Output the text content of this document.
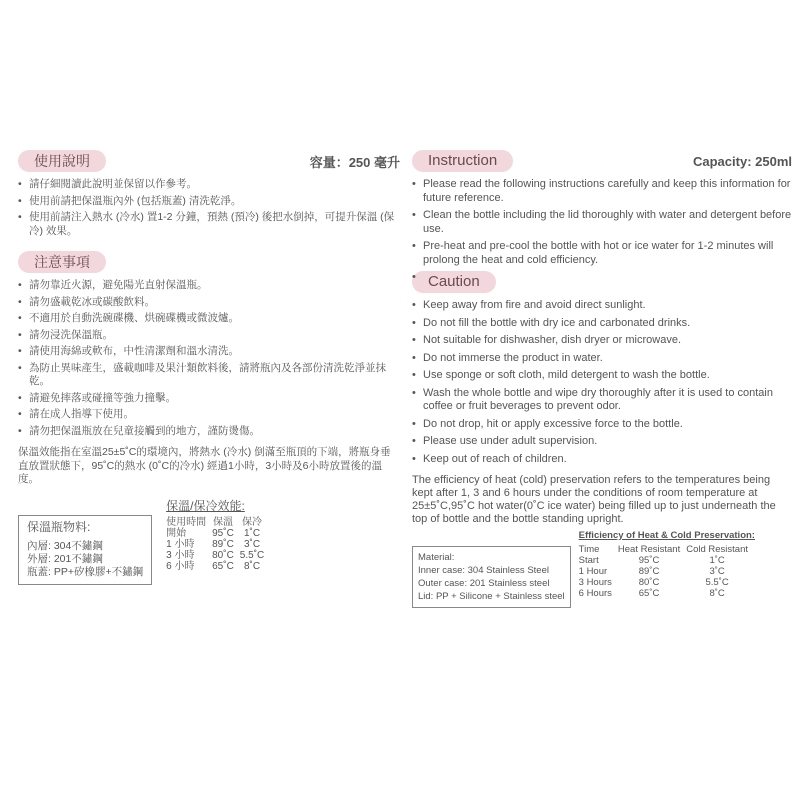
使用說明	容量：250 毫升
• 請仔細閱讀此說明並保留以作參考。
• 使用前請把保溫瓶內外 (包括瓶蓋) 清洗乾淨。
• 使用前請注入熱水 (冷水) 置1-2 分鐘，預熱 (預冷) 後把水倒掉，可提升保溫 (保冷) 效果。
注意事項
• 請勿靠近火源，避免陽光直射保溫瓶。
• 請勿盛載乾冰或碳酸飲料。
• 不適用於自動洗碗碟機、烘碗碟機或微波爐。
• 請勿浸洗保溫瓶。
• 請使用海綿或軟布，中性清潔劑和溫水清洗。
• 為防止異味產生，盛載咖啡及果汁類飲料後，請將瓶內及各部份清洗乾淨並抹乾。
• 請避免摔落或碰撞等強力撞擊。
• 請在成人指導下使用。
• 請勿把保溫瓶放在兒童接觸到的地方，謹防燙傷。
保溫效能指在室溫25±5˚C的環境內，將熱水 (冷水) 倒滿至瓶頂的下端，將瓶身垂直放置狀態下，95˚C的熱水 (0˚C的冷水) 經過1小時，3小時及6小時放置後的溫度。
保溫瓶物料:
內層: 304不鏽鋼
外層: 201不鏽鋼
瓶蓋: PP+矽橡膠+不鏽鋼
保溫/保冷效能:
使用時間	保溫	保冷
開始	95˚C	1˚C
1 小時	89˚C	3˚C
3 小時	80˚C	5.5˚C
6 小時	65˚C	8˚C
Instruction	Capacity: 250ml
• Please read the following instructions carefully and keep this information for future reference.
• Clean the bottle including the lid thoroughly with water and detergent before use.
• Pre-heat and pre-cool the bottle with hot or ice water for 1-2 minutes will prolong the heat and cold efficiency.
Caution
• Keep away from fire and avoid direct sunlight.
• Do not fill the bottle with dry ice and carbonated drinks.
• Not suitable for dishwasher, dish dryer or microwave.
• Do not immerse the product in water.
• Use sponge or soft cloth, mild detergent to wash the bottle.
• Wash the whole bottle and wipe dry thoroughly after it is used to contain coffee or fruit beverages to prevent odor.
• Do not drop, hit or apply excessive force to the bottle.
• Please use under adult supervision.
• Keep out of reach of children.
The efficiency of heat (cold) preservation refers to the temperatures being kept after 1, 3 and 6 hours under the conditions of room temperature at 25±5˚C,95˚C hot water(0˚C ice water) being filled up to just underneath the top of bottle and the bottle standing upright.
Material:
Inner case: 304 Stainless Steel
Outer case: 201 Stainless steel
Lid: PP + Silicone + Stainless steel
Efficiency of Heat & Cold Preservation:
Time	Heat Resistant	Cold Resistant
Start	95˚C	1˚C
1 Hour	89˚C	3˚C
3 Hours	80˚C	5.5˚C
6 Hours	65˚C	8˚C
